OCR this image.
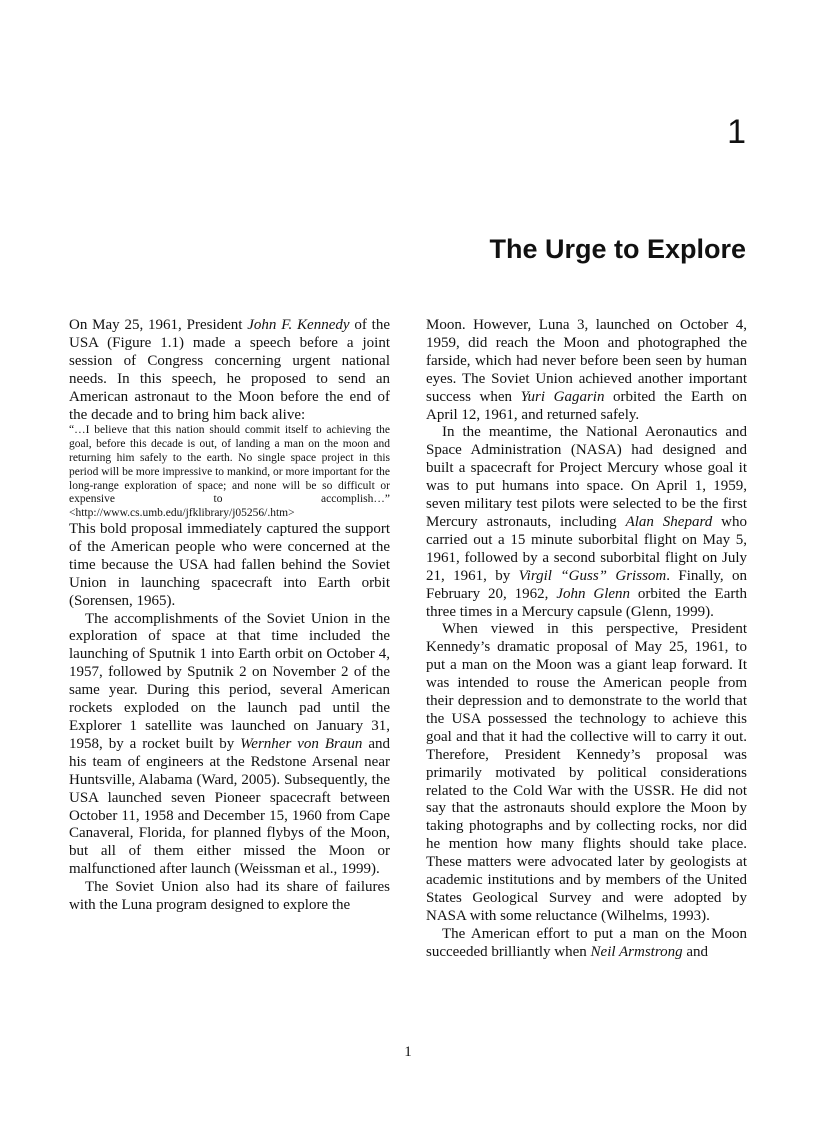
1
The Urge to Explore

On May 25, 1961, President John F. Kennedy of the USA (Figure 1.1) made a speech before a joint session of Congress concerning urgent national needs. In this speech, he proposed to send an American astronaut to the Moon before the end of the decade and to bring him back alive:

“…I believe that this nation should commit itself to achieving the goal, before this decade is out, of landing a man on the moon and returning him safely to the earth. No single space project in this period will be more impressive to mankind, or more important for the long-range exploration of space; and none will be so difficult or expensive to accomplish…” <http://www.cs.umb.edu/jfklibrary/j05256/.htm>

This bold proposal immediately captured the support of the American people who were concerned at the time because the USA had fallen behind the Soviet Union in launching spacecraft into Earth orbit (Sorensen, 1965).

The accomplishments of the Soviet Union in the exploration of space at that time included the launching of Sputnik 1 into Earth orbit on October 4, 1957, followed by Sputnik 2 on November 2 of the same year. During this period, several American rockets exploded on the launch pad until the Explorer 1 satellite was launched on January 31, 1958, by a rocket built by Wernher von Braun and his team of engineers at the Redstone Arsenal near Huntsville, Alabama (Ward, 2005). Subsequently, the USA launched seven Pioneer spacecraft between October 11, 1958 and December 15, 1960 from Cape Canaveral, Florida, for planned flybys of the Moon, but all of them either missed the Moon or malfunctioned after launch (Weissman et al., 1999).

The Soviet Union also had its share of failures with the Luna program designed to explore the

Moon. However, Luna 3, launched on October 4, 1959, did reach the Moon and photographed the farside, which had never before been seen by human eyes. The Soviet Union achieved another important success when Yuri Gagarin orbited the Earth on April 12, 1961, and returned safely.

In the meantime, the National Aeronautics and Space Administration (NASA) had designed and built a spacecraft for Project Mercury whose goal it was to put humans into space. On April 1, 1959, seven military test pilots were selected to be the first Mercury astronauts, including Alan Shepard who carried out a 15 minute suborbital flight on May 5, 1961, followed by a second suborbital flight on July 21, 1961, by Virgil “Guss” Grissom. Finally, on February 20, 1962, John Glenn orbited the Earth three times in a Mercury capsule (Glenn, 1999).

When viewed in this perspective, President Kennedy’s dramatic proposal of May 25, 1961, to put a man on the Moon was a giant leap forward. It was intended to rouse the American people from their depression and to demonstrate to the world that the USA possessed the technology to achieve this goal and that it had the collective will to carry it out. Therefore, President Kennedy’s proposal was primarily motivated by political considerations related to the Cold War with the USSR. He did not say that the astronauts should explore the Moon by taking photographs and by collecting rocks, nor did he mention how many flights should take place. These matters were advocated later by geologists at academic institutions and by members of the United States Geological Survey and were adopted by NASA with some reluctance (Wilhelms, 1993).

The American effort to put a man on the Moon succeeded brilliantly when Neil Armstrong and

1
